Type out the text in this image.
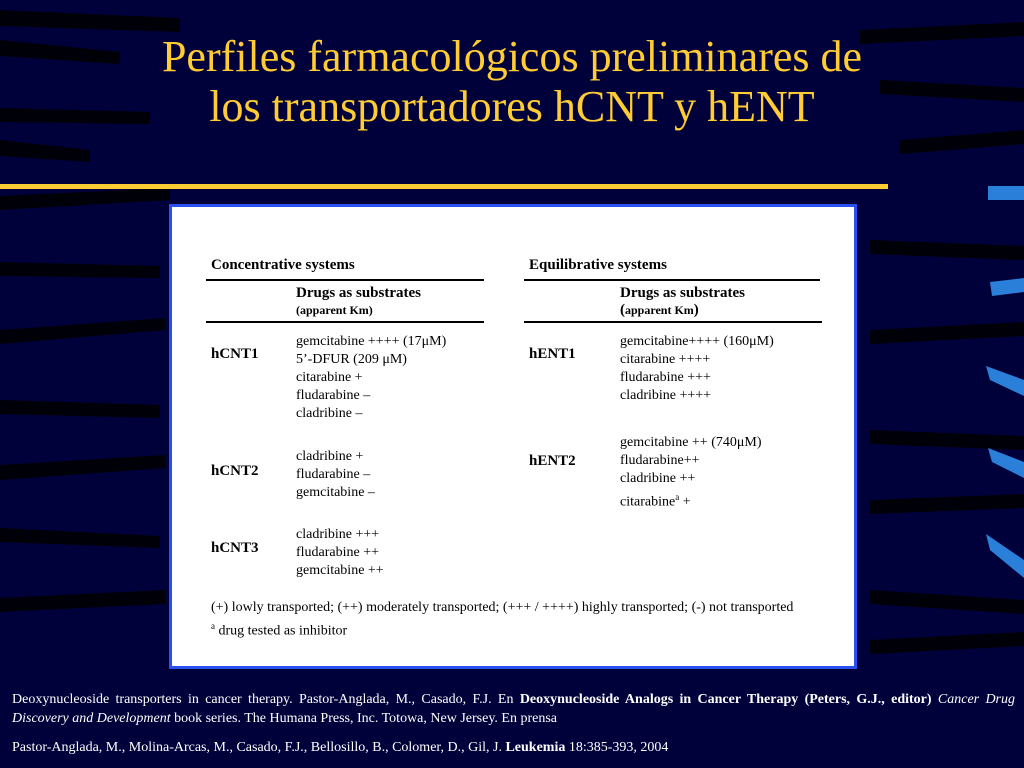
Perfiles farmacológicos preliminares de
los transportadores hCNT y hENT
Concentrative systems
Drugs as substrates
(apparent Km)
Equilibrative systems
Drugs as substrates
(apparent Km)
hCNT1
gemcitabine ++++ (17μM)
5’-DFUR (209 μM)
citarabine +
fludarabine –
cladribine –
hCNT2
cladribine +
fludarabine –
gemcitabine –
hCNT3
cladribine +++
fludarabine ++
gemcitabine ++
hENT1
gemcitabine++++ (160μM)
citarabine ++++
fludarabine +++
cladribine ++++
hENT2
gemcitabine ++ (740μM)
fludarabine++
cladribine ++
citarabine$^a$ +
(+) lowly transported; (++) moderately transported; (+++ / ++++) highly transported; (-) not transported
$^a$ drug tested as inhibitor
Deoxynucleoside transporters in cancer therapy. Pastor-Anglada, M., Casado, F.J. En Deoxynucleoside Analogs in Cancer Therapy (Peters, G.J., editor) Cancer Drug Discovery and Development book series. The Humana Press, Inc. Totowa, New Jersey. En prensa
Pastor-Anglada, M., Molina-Arcas, M., Casado, F.J., Bellosillo, B., Colomer, D., Gil, J. Leukemia 18:385-393, 2004
